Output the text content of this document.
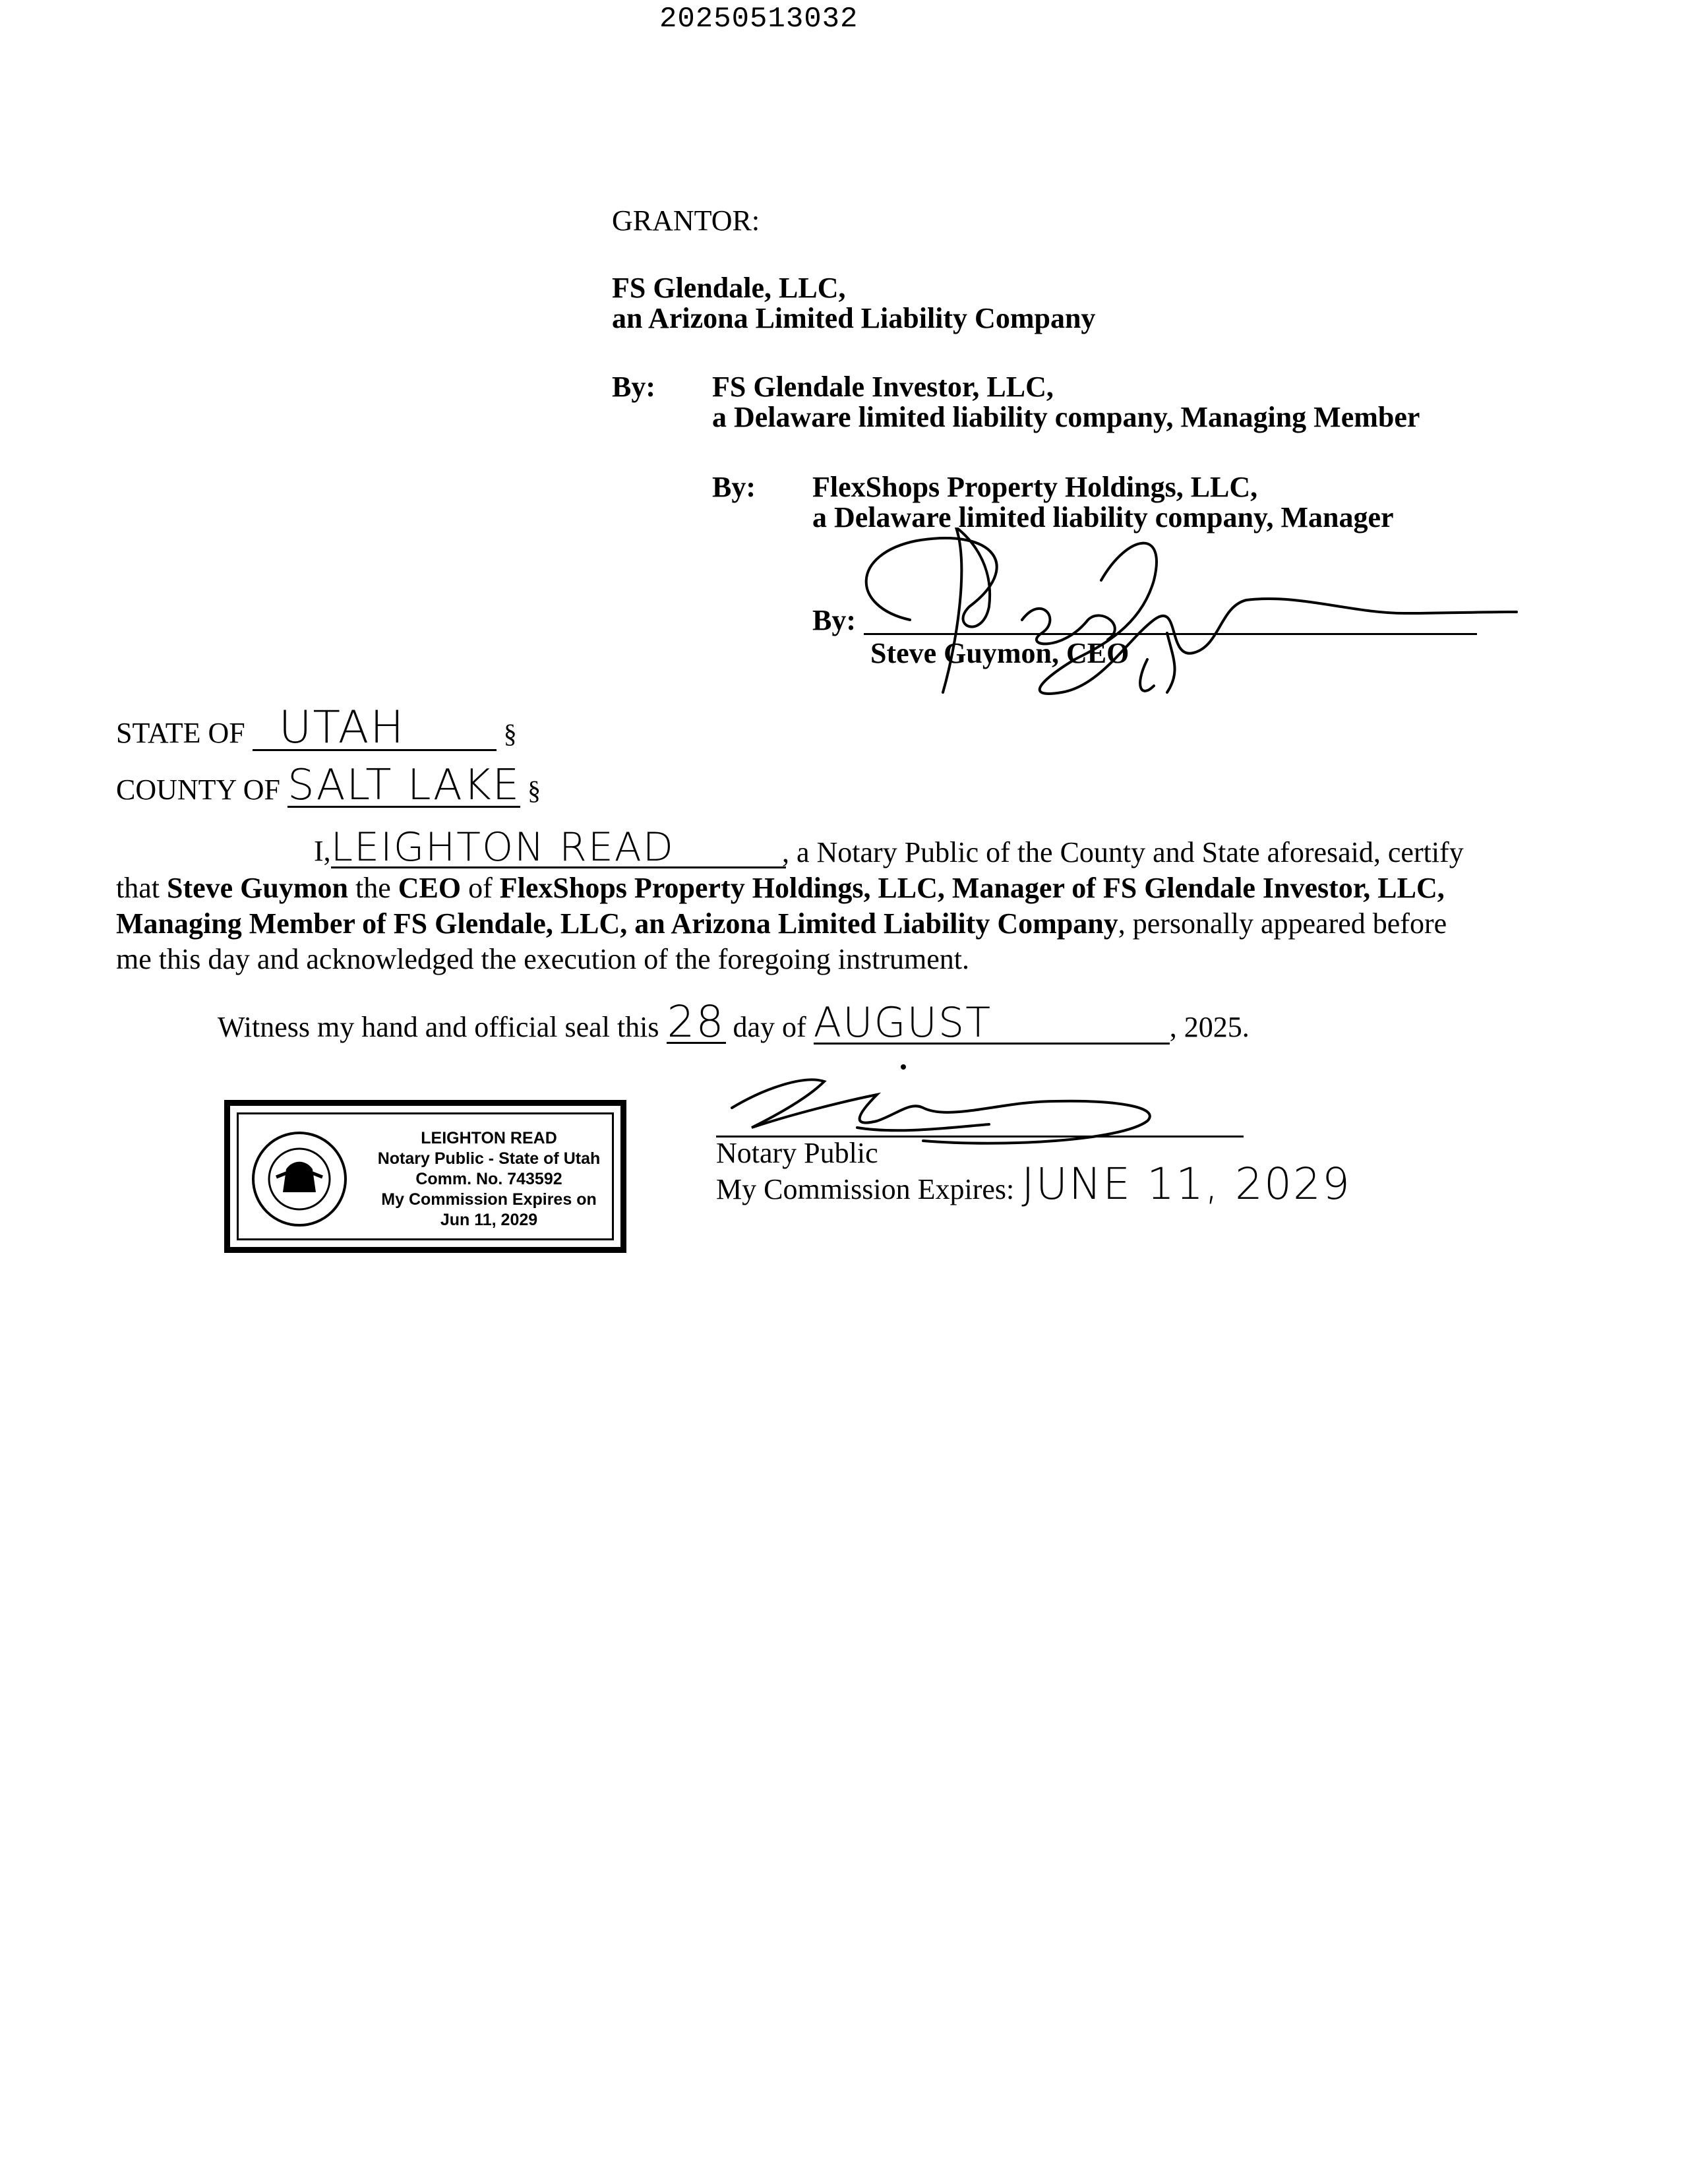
20250513032
GRANTOR:
FS Glendale, LLC,
an Arizona Limited Liability Company
By: FS Glendale Investor, LLC,
a Delaware limited liability company, Managing Member
By: FlexShops Property Holdings, LLC,
a Delaware limited liability company, Manager
By:
Steve Guymon, CEO
STATE OF UTAH	§
COUNTY OF SALT LAKE §
I,LEIGHTON READ	, a Notary Public of the County and State aforesaid, certify that Steve Guymon the CEO of FlexShops Property Holdings, LLC, Manager of FS Glendale Investor, LLC, Managing Member of FS Glendale, LLC, an Arizona Limited Liability Company, personally appeared before me this day and acknowledged the execution of the foregoing instrument.
Witness my hand and official seal this 28 day of AUGUST	, 2025.
Notary Public
My Commission Expires: JUNE 11, 2029
LEIGHTON READ
Notary Public - State of Utah
Comm. No. 743592
My Commission Expires on
Jun 11, 2029
